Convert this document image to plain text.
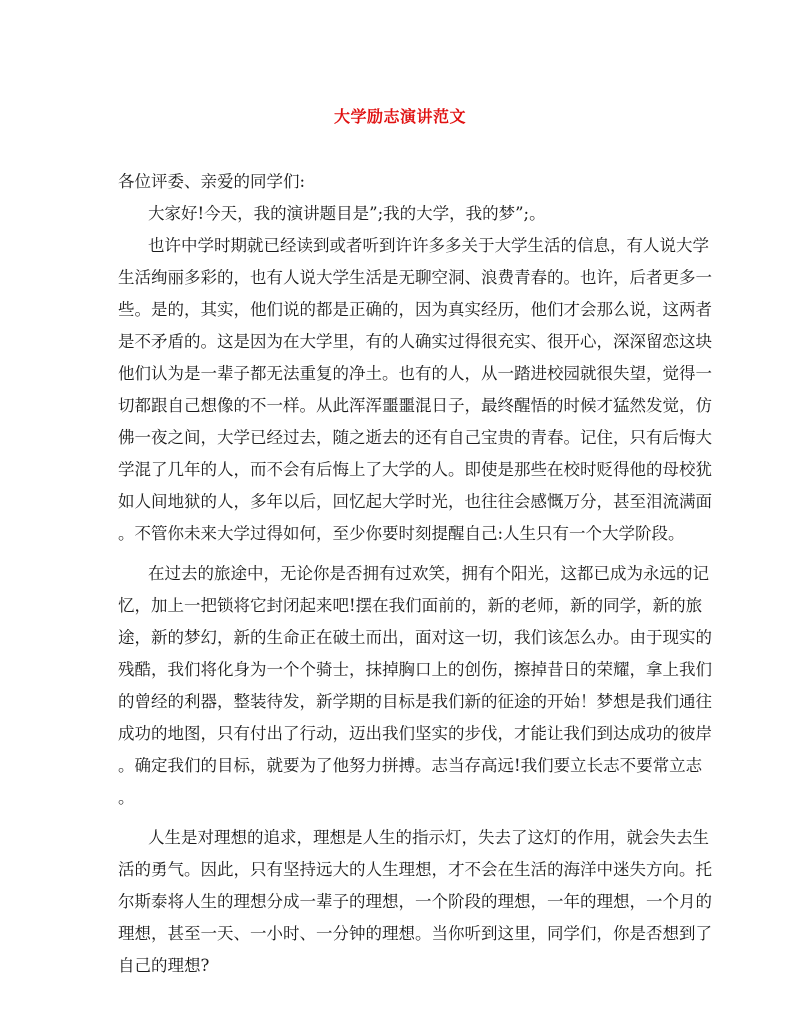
大学励志演讲范文
各位评委、亲爱的同学们:
大家好!今天，我的演讲题目是”;我的大学，我的梦”;。
也许中学时期就已经读到或者听到许许多多关于大学生活的信息，有人说大学
生活绚丽多彩的，也有人说大学生活是无聊空洞、浪费青春的。也许，后者更多一
些。是的，其实，他们说的都是正确的，因为真实经历，他们才会那么说，这两者
是不矛盾的。这是因为在大学里，有的人确实过得很充实、很开心，深深留恋这块
他们认为是一辈子都无法重复的净土。也有的人，从一踏进校园就很失望，觉得一
切都跟自己想像的不一样。从此浑浑噩噩混日子，最终醒悟的时候才猛然发觉，仿
佛一夜之间，大学已经过去，随之逝去的还有自己宝贵的青春。记住，只有后悔大
学混了几年的人，而不会有后悔上了大学的人。即使是那些在校时贬得他的母校犹
如人间地狱的人，多年以后，回忆起大学时光，也往往会感慨万分，甚至泪流满面
。不管你未来大学过得如何，至少你要时刻提醒自己:人生只有一个大学阶段。
在过去的旅途中，无论你是否拥有过欢笑，拥有个阳光，这都已成为永远的记
忆，加上一把锁将它封闭起来吧!摆在我们面前的，新的老师，新的同学，新的旅
途，新的梦幻，新的生命正在破土而出，面对这一切，我们该怎么办。由于现实的
残酷，我们将化身为一个个骑士，抹掉胸口上的创伤，擦掉昔日的荣耀，拿上我们
的曾经的利器，整装待发，新学期的目标是我们新的征途的开始！梦想是我们通往
成功的地图，只有付出了行动，迈出我们坚实的步伐，才能让我们到达成功的彼岸
。确定我们的目标，就要为了他努力拼搏。志当存高远!我们要立长志不要常立志
。
人生是对理想的追求，理想是人生的指示灯，失去了这灯的作用，就会失去生
活的勇气。因此，只有坚持远大的人生理想，才不会在生活的海洋中迷失方向。托
尔斯泰将人生的理想分成一辈子的理想，一个阶段的理想，一年的理想，一个月的
理想，甚至一天、一小时、一分钟的理想。当你听到这里，同学们，你是否想到了
自己的理想?
